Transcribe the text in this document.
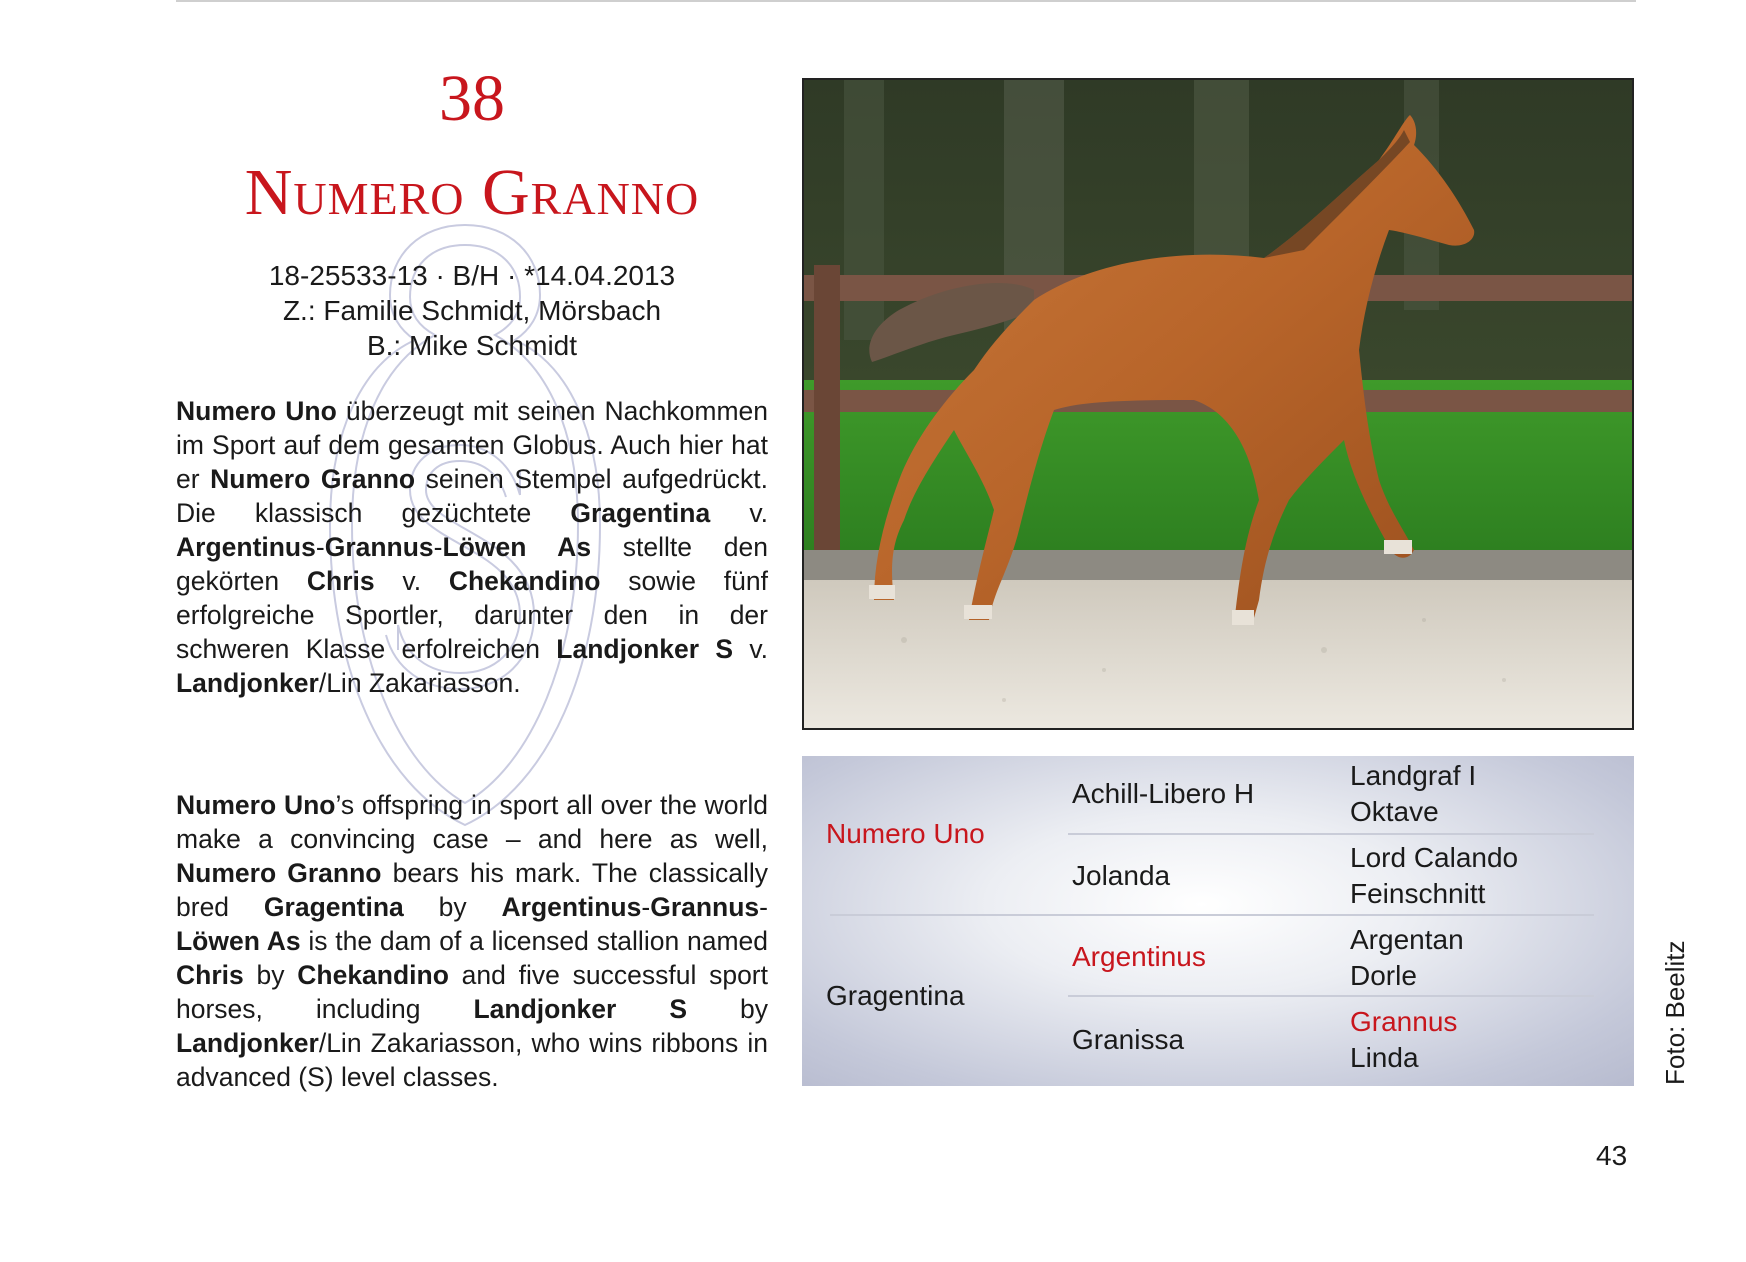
38
Numero Granno
18-25533-13 · B/H · *14.04.2013
Z.: Familie Schmidt, Mörsbach
B.: Mike Schmidt
Numero Uno überzeugt mit seinen Nachkommen im Sport auf dem gesamten Globus. Auch hier hat er Numero Granno seinen Stempel aufgedrückt. Die klassisch gezüchtete Gragentina v. Argentinus-Grannus-Löwen As stellte den gekörten Chris v. Chekandino sowie fünf erfolgreiche Sportler, darunter den in der schweren Klasse erfolreichen Landjonker S v. Landjonker/Lin Zakariasson.
Numero Uno’s offspring in sport all over the world make a convincing case – and here as well, Numero Granno bears his mark. The classically bred Gragentina by Argentinus-Grannus-Löwen As is the dam of a licensed stallion named Chris by Chekandino and five successful sport horses, including Landjonker S by Landjonker/Lin Zakariasson, who wins ribbons in advanced (S) level classes.
Numero Uno
Gragentina
Achill-Libero H
Jolanda
Argentinus
Granissa
Landgraf I
Oktave
Lord Calando
Feinschnitt
Argentan
Dorle
Grannus
Linda	Foto: Beelitz
43
